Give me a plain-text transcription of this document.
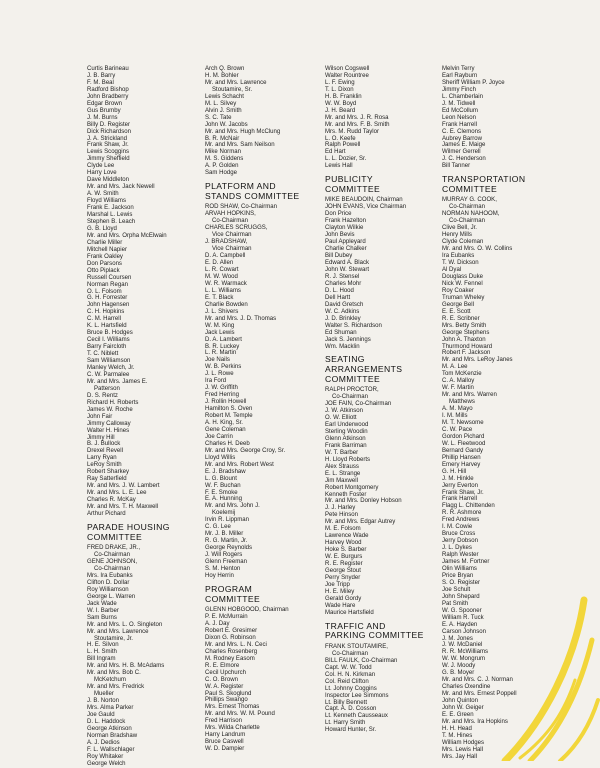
Curtis Barineau
J. B. Barry
F. M. Beal
Radford Bishop
John Bradberry
Edgar Brown
Gus Brumby
J. M. Burns
Billy D. Register
Dick Richardson
J. A. Strickland
Frank Shaw, Jr.
Lewis Scoggins
Jimmy Sheffield
Clyde Lee
Harry Love
Dave Middleton
Mr. and Mrs. Jack Newell
A. W. Smith
Floyd Williams
Frank E. Jackson
Marshal L. Lewis
Stephen B. Leach
G. B. Lloyd
Mr. and Mrs. Orpha McElwain
Charlie Miller
Mitchell Napier
Frank Oakley
Don Parsons
Otto Piplack
Russell Coursen
Norman Regan
O. L. Folsom
G. H. Forrester
John Hagensen
C. H. Hopkins
C. M. Harrell
K. L. Hartsfield
Bruce B. Hodges
Cecil I. Williams
Barry Faircloth
T. C. Niblett
Sam Williamson
Manley Welch, Jr.
C. W. Parmalee
Mr. and Mrs. James E.
Patterson
D. S. Rentz
Richard H. Roberts
James W. Roche
John Fair
Jimmy Calloway
Walter H. Hines
Jimmy Hill
B. J. Bullock
Drexel Revell
Larry Ryan
LeRoy Smith
Robert Sharkey
Ray Satterfield
Mr. and Mrs. J. W. Lambert
Mr. and Mrs. L. E. Lee
Charles R. McKay
Mr. and Mrs. T. H. Maxwell
Arthur Pichard
PARADE HOUSING
COMMITTEE
FRED DRAKE, JR.,
Co-Chairman
GENE JOHNSON,
Co-Chairman
Mrs. Ira Eubanks
Clifton D. Dollar
Roy Williamson
George L. Warren
Jack Wade
W. I. Barber
Sam Burns
Mr. and Mrs. L. O. Singleton
Mr. and Mrs. Lawrence
Stoutamire, Jr.
H. E. Silvon
L. H. Smith
Bill Ingram
Mr. and Mrs. H. B. McAdams
Mr. and Mrs. Bob C.
McKetchum
Mr. and Mrs. Fredrick
Mueller
J. B. Norton
Mrs. Alma Parker
Joe Gauld
D. L. Haddock
George Atkinson
Norman Bradshaw
A. J. Dedios
F. L. Wallschlager
Roy Whitaker
George Welch
Arch Q. Brown
H. M. Bohler
Mr. and Mrs. Lawrence
Stoutamire, Sr.
Lewis Schacht
M. L. Silvey
Alvin J. Smith
S. C. Tate
John W. Jacobs
Mr. and Mrs. Hugh McClung
B. R. McNair
Mr. and Mrs. Sam Neilson
Mike Norman
M. S. Giddens
A. P. Golden
Sam Hodge
PLATFORM AND
STANDS COMMITTEE
ROD SHAW, Co-Chairman
ARVAH HOPKINS,
Co-Chairman
CHARLES SCRUGGS,
Vice Chairman
J. BRADSHAW,
Vice Chairman
D. A. Campbell
E. D. Allen
L. R. Cowart
M. W. Wood
W. R. Warmack
L. L. Williams
E. T. Black
Charlie Bowden
J. L. Shivers
Mr. and Mrs. J. D. Thomas
W. M. King
Jack Lewis
D. A. Lambert
B. R. Luckey
L. R. Martin
Joe Nails
W. B. Perkins
J. L. Rowe
Ira Ford
J. W. Griffith
Fred Herring
J. Rollin Howell
Hamilton S. Oven
Robert M. Temple
A. H. King, Sr.
Gene Coleman
Joe Carrin
Charles H. Deeb
Mr. and Mrs. George Croy, Sr.
Lloyd Willis
Mr. and Mrs. Robert West
E. J. Bradshaw
L. G. Blount
W. F. Buchan
F. E. Smoke
E. A. Hunning
Mr. and Mrs. John J.
Koelemij
Irvin R. Lippman
C. G. Lee
Mr. J. B. Miller
R. G. Martin, Jr.
George Reynolds
J. Will Rogers
Glenn Freeman
S. M. Henton
Hoy Herrin
PROGRAM
COMMITTEE
GLENN HOBGOOD, Chairman
P. E. McMurrain
A. J. Day
Robert E. Gresimer
Dixon G. Robinson
Mr. and Mrs. L. N. Ceci
Charles Rosenberg
M. Rodney Easom
R. E. Elmore
Cecil Upchurch
C. O. Brown
W. A. Register
Paul S. Skoglund
Phillips Swango
Mrs. Ernest Thomas
Mr. and Mrs. W. M. Pound
Fred Harrison
Mrs. Wilda Charlette
Harry Landrum
Bruce Caswell
W. D. Dampier
Wilson Cogswell
Walter Rountree
L. F. Ewing
T. L. Dixon
H. B. Franklin
W. W. Boyd
J. H. Beard
Mr. and Mrs. J. R. Rosa
Mr. and Mrs. F. B. Smith
Mrs. M. Rudd Taylor
L. O. Keefe
Ralph Powell
Ed Hart
L. L. Dozier, Sr.
Lewis Hall
PUBLICITY
COMMITTEE
MIKE BEAUDOIN, Chairman
JOHN EVANS, Vice Chairman
Don Price
Frank Hazelton
Clayton Wilkie
John Bevis
Paul Appleyard
Charlie Chalker
Bill Dubey
Edward A. Black
John W. Stewart
R. J. Stensel
Charles Mohr
D. L. Hood
Dell Hartt
David Gretsch
W. C. Adkins
J. D. Brinkley
Walter S. Richardson
Ed Shuman
Jack S. Jennings
Wm. Macklin
SEATING
ARRANGEMENTS
COMMITTEE
RALPH PROCTOR,
Co-Chairman
JOE FAIN, Co-Chairman
J. W. Atkinson
O. W. Elliott
Earl Underwood
Sterling Woodin
Glenn Atkinson
Frank Barriman
W. T. Barber
H. Lloyd Roberts
Alex Strauss
E. L. Strange
Jim Maxwell
Robert Montgomery
Kenneth Foster
Mr. and Mrs. Donley Hobson
J. J. Harley
Pete Hinson
Mr. and Mrs. Edgar Autrey
M. E. Folsom
Lawrence Wade
Harvey Wood
Hoke S. Barber
W. E. Burgurs
R. E. Register
George Stout
Perry Snyder
Joe Tripp
H. E. Miley
Gerald Gordy
Wade Hare
Maurice Hartsfield
TRAFFIC AND
PARKING COMMITTEE
FRANK STOUTAMIRE,
Co-Chairman
BILL FAULK, Co-Chairman
Capt. W. W. Todd
Col. H. N. Kirkman
Col. Reid Clifton
Lt. Johnny Coggins
Inspector Lee Simmons
Lt. Billy Bennett
Capt. A. D. Cosson
Lt. Kenneth Causseaux
Lt. Harry Smith
Howard Hunter, Sr.
Melvin Terry
Earl Rayburn
Sheriff William P. Joyce
Jimmy Finch
L. Chamberlain
J. M. Tidwell
Ed McCollum
Leon Nelson
Frank Harrell
C. E. Clemons
Aubrey Barrow
James E. Maige
Wilmer Gerrell
J. C. Henderson
Bill Tanner
TRANSPORTATION
COMMITTEE
MURRAY G. COOK,
Co-Chairman
NORMAN NAHOOM,
Co-Chairman
Clive Bell, Jr.
Henry Mills
Clyde Coleman
Mr. and Mrs. O. W. Collins
Ira Eubanks
T. W. Dickson
Al Dyal
Douglass Duke
Nick W. Fennel
Roy Coaker
Truman Wheley
George Bell
E. E. Scott
R. E. Scribner
Mrs. Betty Smith
George Stephens
John A. Thaxton
Thurmond Howard
Robert F. Jackson
Mr. and Mrs. LeRoy Janes
M. A. Lee
Tom McKenzie
C. A. Malloy
W. F. Martin
Mr. and Mrs. Warren
Matthews
A. M. Mayo
I. M. Mills
M. T. Newsome
C. W. Pace
Gordon Pichard
W. L. Fleetwood
Bernard Gandy
Phillip Hansen
Emery Harvey
G. H. Hill
J. M. Hinkle
Jerry Everton
Frank Shaw, Jr.
Frank Harrell
Flagg L. Chittenden
R. R. Ashmore
Fred Andrews
I. M. Cowie
Bruce Cross
Jerry Dobson
J. L. Dykes
Ralph Wester
James M. Fortner
Olin Williams
Price Bryan
S. O. Register
Joe Schult
John Shepard
Pat Smith
W. G. Spooner
William R. Tuck
E. A. Hayden
Carson Johnson
J. M. Jones
J. W. McDaniel
R. R. McWilliams
W. W. Mongrum
W. J. Moody
G. B. Moyer
Mr. and Mrs. C. J. Norman
Charles Oxendine
Mr. and Mrs. Ernest Poppell
John Quinton
John W. Geiger
E. E. Green
Mr. and Mrs. Ira Hopkins
H. H. Head
T. M. Hines
William Hodges
Mrs. Lewis Hall
Mrs. Jay Hall
